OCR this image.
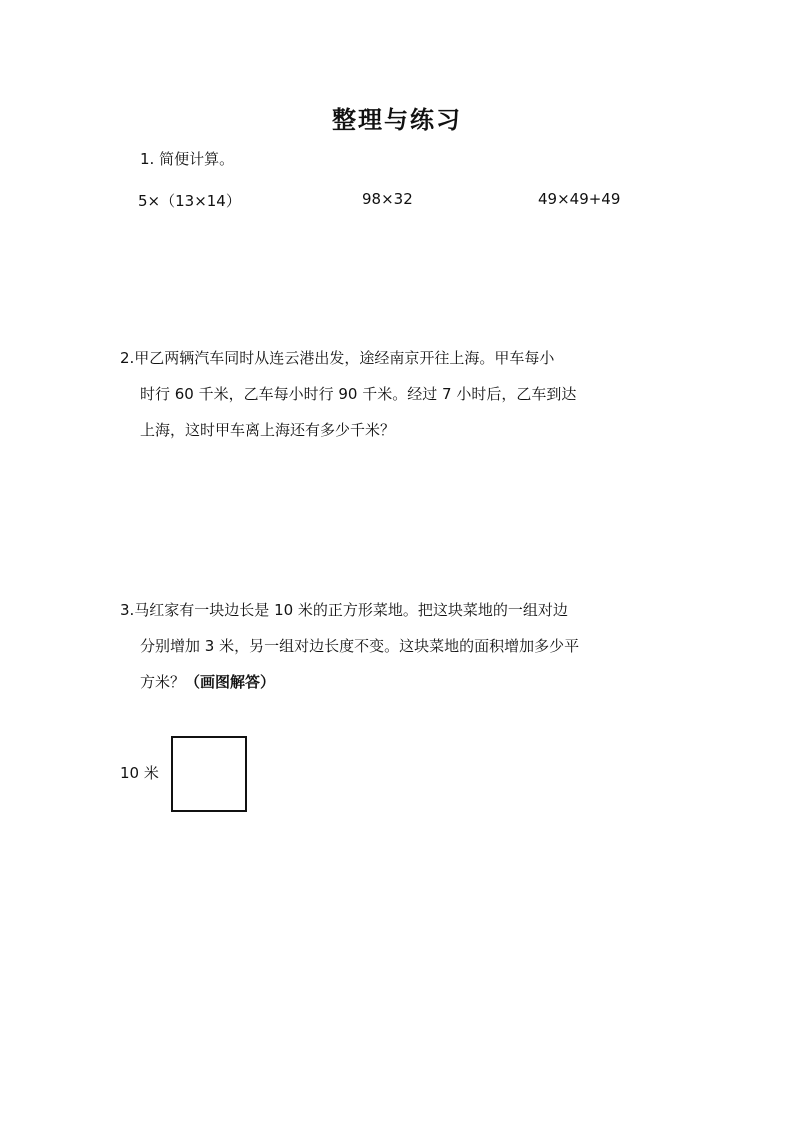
整理与练习
1. 简便计算。
5×（13×14）	98×32	49×49+49
2.甲乙两辆汽车同时从连云港出发，途经南京开往上海。甲车每小
时行 60 千米，乙车每小时行 90 千米。经过 7 小时后，乙车到达
上海，这时甲车离上海还有多少千米？
3.马红家有一块边长是 10 米的正方形菜地。把这块菜地的一组对边
分别增加 3 米，另一组对边长度不变。这块菜地的面积增加多少平
方米？（画图解答）
10 米
